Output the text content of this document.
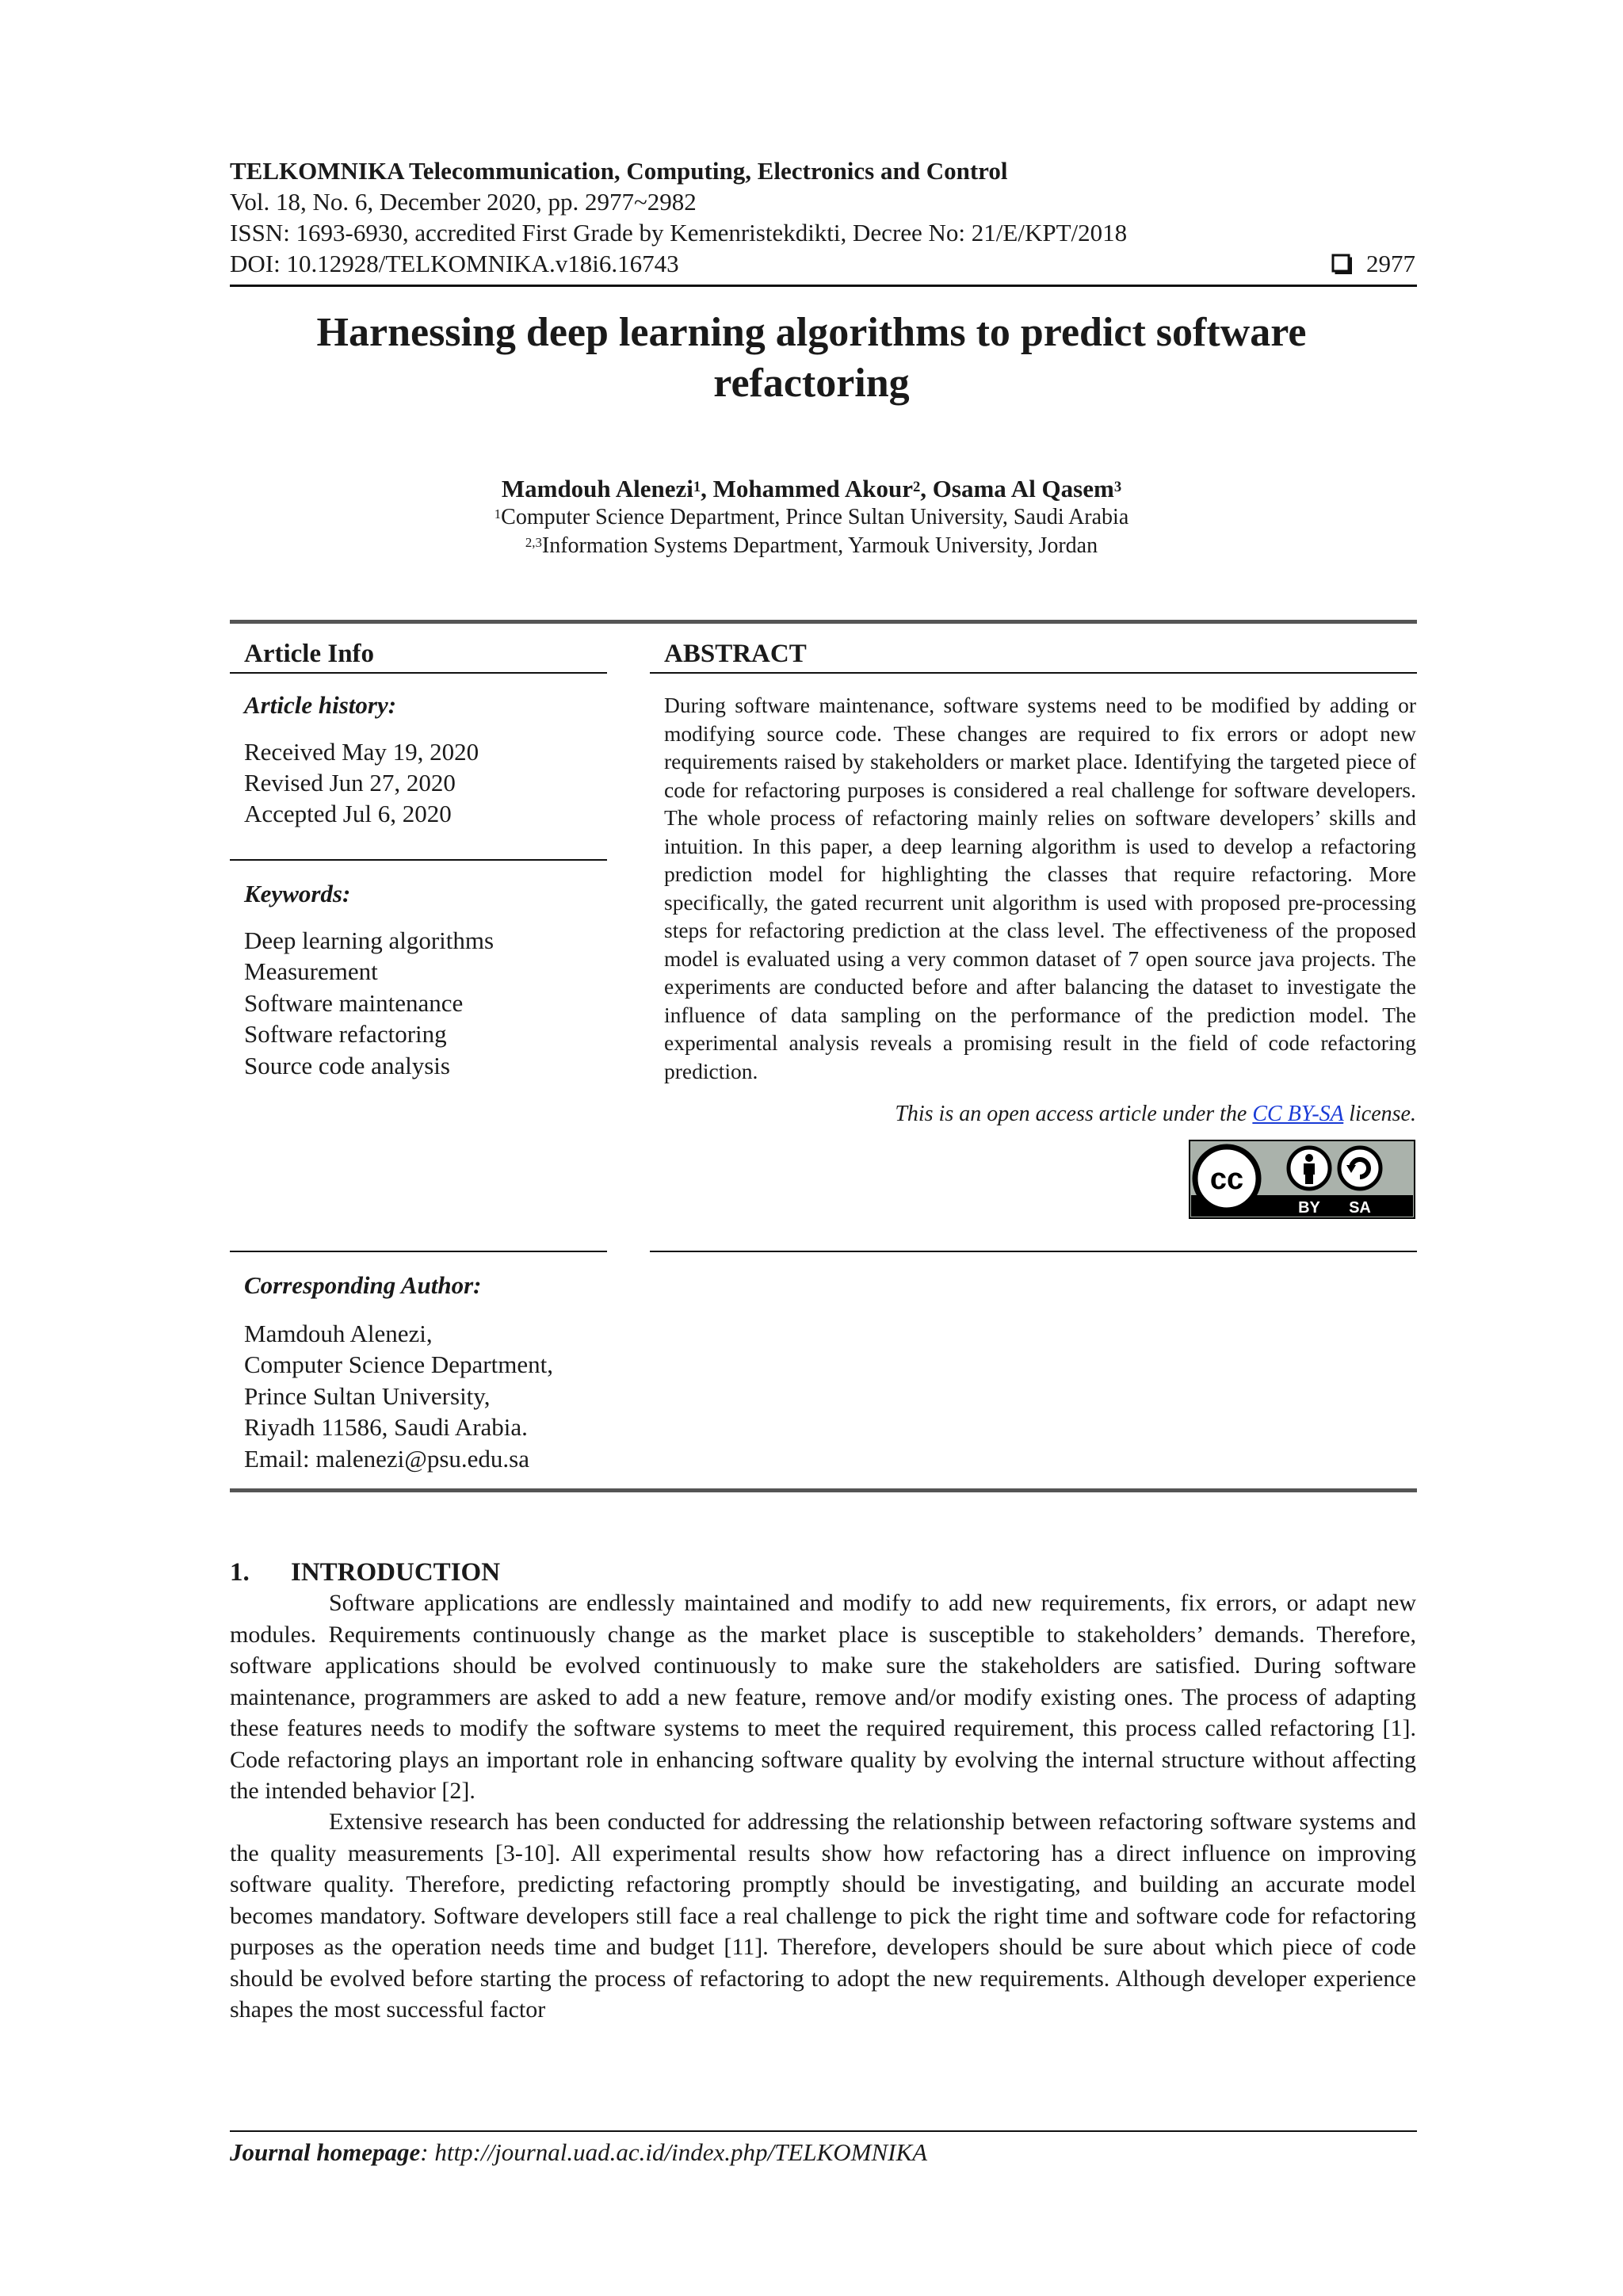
TELKOMNIKA Telecommunication, Computing, Electronics and Control
Vol. 18, No. 6, December 2020, pp. 2977~2982
ISSN: 1693-6930, accredited First Grade by Kemenristekdikti, Decree No: 21/E/KPT/2018
DOI: 10.12928/TELKOMNIKA.v18i6.16743	2977
Harnessing deep learning algorithms to predict software refactoring
Mamdouh Alenezi$^1$, Mohammed Akour$^2$, Osama Al Qasem$^3$
$^1$Computer Science Department, Prince Sultan University, Saudi Arabia
$^{2,3}$Information Systems Department, Yarmouk University, Jordan
Article Info
Article history:
Received May 19, 2020
Revised Jun 27, 2020
Accepted Jul 6, 2020
Keywords:
Deep learning algorithms
Measurement
Software maintenance
Software refactoring
Source code analysis
ABSTRACT
During software maintenance, software systems need to be modified by adding or modifying source code. These changes are required to fix errors or adopt new requirements raised by stakeholders or market place. Identifying the targeted piece of code for refactoring purposes is considered a real challenge for software developers. The whole process of refactoring mainly relies on software developers’ skills and intuition. In this paper, a deep learning algorithm is used to develop a refactoring prediction model for highlighting the classes that require refactoring. More specifically, the gated recurrent unit algorithm is used with proposed pre-processing steps for refactoring prediction at the class level. The effectiveness of the proposed model is evaluated using a very common dataset of 7 open source java projects. The experiments are conducted before and after balancing the dataset to investigate the influence of data sampling on the performance of the prediction model. The experimental analysis reveals a promising result in the field of code refactoring prediction.
This is an open access article under the CC BY-SA license.
cc
BY SA
Corresponding Author:
Mamdouh Alenezi,
Computer Science Department,
Prince Sultan University,
Riyadh 11586, Saudi Arabia.
Email: malenezi@psu.edu.sa
1. INTRODUCTION
Software applications are endlessly maintained and modify to add new requirements, fix errors, or adapt new modules. Requirements continuously change as the market place is susceptible to stakeholders’ demands. Therefore, software applications should be evolved continuously to make sure the stakeholders are satisfied. During software maintenance, programmers are asked to add a new feature, remove and/or modify existing ones. The process of adapting these features needs to modify the software systems to meet the required requirement, this process called refactoring [1]. Code refactoring plays an important role in enhancing software quality by evolving the internal structure without affecting the intended behavior [2].
Extensive research has been conducted for addressing the relationship between refactoring software systems and the quality measurements [3-10]. All experimental results show how refactoring has a direct influence on improving software quality. Therefore, predicting refactoring promptly should be investigating, and building an accurate model becomes mandatory. Software developers still face a real challenge to pick the right time and software code for refactoring purposes as the operation needs time and budget [11]. Therefore, developers should be sure about which piece of code should be evolved before starting the process of refactoring to adopt the new requirements. Although developer experience shapes the most successful factor
Journal homepage: http://journal.uad.ac.id/index.php/TELKOMNIKA
